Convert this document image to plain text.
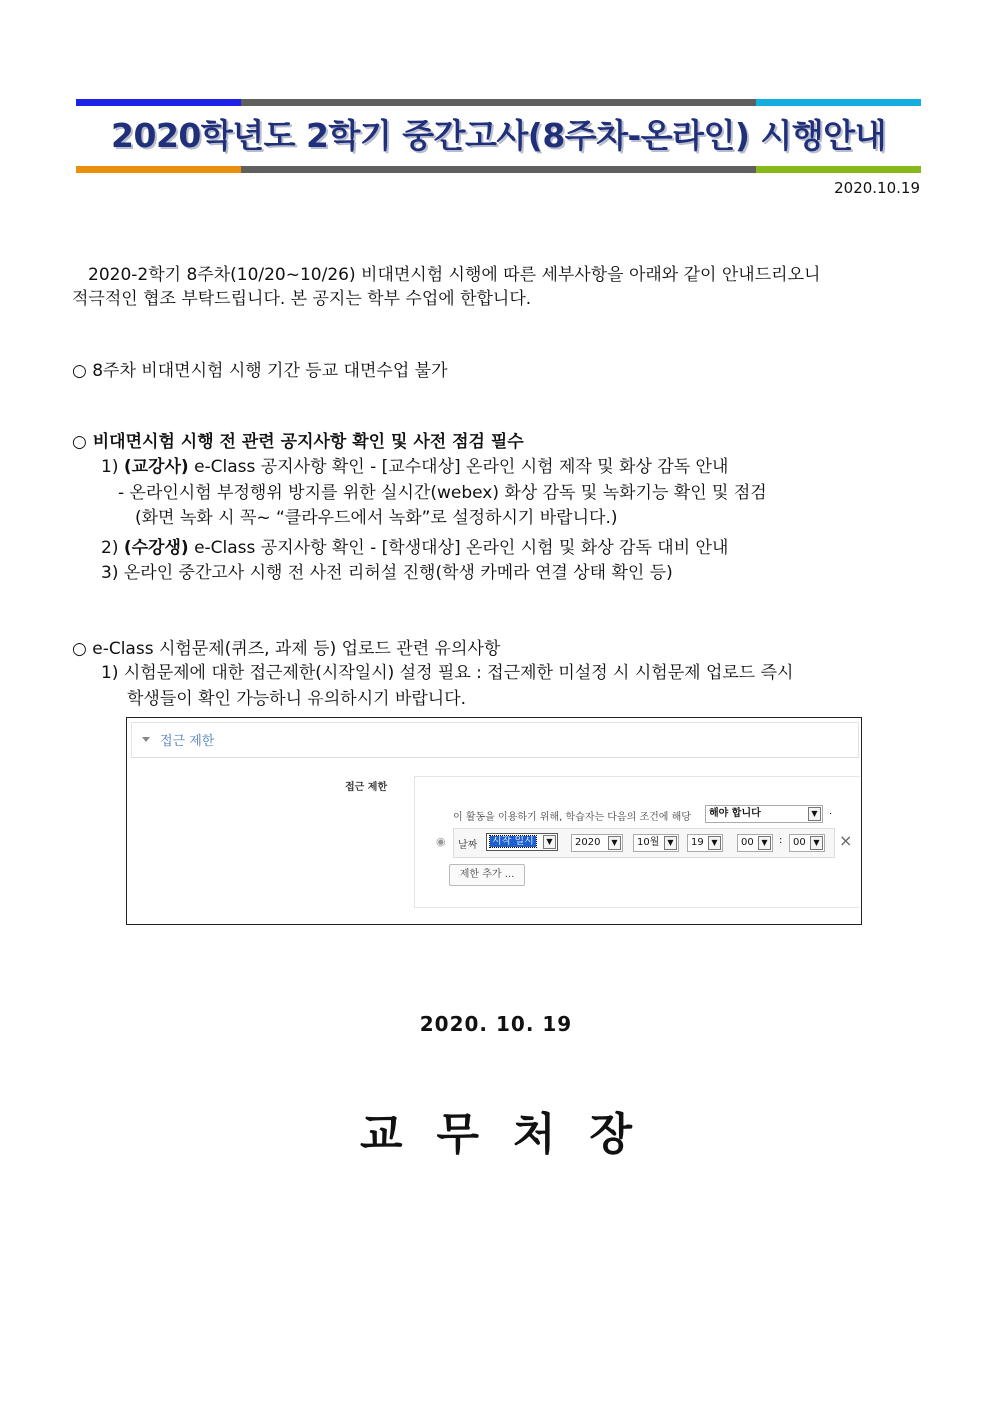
2020학년도 2학기 중간고사(8주차-온라인) 시행안내
2020.10.19
2020-2학기 8주차(10/20~10/26) 비대면시험 시행에 따른 세부사항을 아래와 같이 안내드리오니
적극적인 협조 부탁드립니다. 본 공지는 학부 수업에 한합니다.
○ 8주차 비대면시험 시행 기간 등교 대면수업 불가
○ 비대면시험 시행 전 관련 공지사항 확인 및 사전 점검 필수
1) (교강사) e-Class 공지사항 확인 - [교수대상] 온라인 시험 제작 및 화상 감독 안내
- 온라인시험 부정행위 방지를 위한 실시간(webex) 화상 감독 및 녹화기능 확인 및 점검
(화면 녹화 시 꼭~ “클라우드에서 녹화”로 설정하시기 바랍니다.)
2) (수강생) e-Class 공지사항 확인 - [학생대상] 온라인 시험 및 화상 감독 대비 안내
3) 온라인 중간고사 시행 전 사전 리허설 진행(학생 카메라 연결 상태 확인 등)
○ e-Class 시험문제(퀴즈, 과제 등) 업로드 관련 유의사항
1) 시험문제에 대한 접근제한(시작일시) 설정 필요 : 접근제한 미설정 시 시험문제 업로드 즉시
학생들이 확인 가능하니 유의하시기 바랍니다.
접근 제한
접근 제한
이 활동을 이용하기 위해, 학습자는 다음의 조건에 해당	해야 합니다	▼	.
◉ 날짜	시작 일시	▼	2020	▼	10월	▼	19 ▼	00 ▼	:	00 ▼ ×
제한 추가 ...
2020. 10. 19
교무처장
